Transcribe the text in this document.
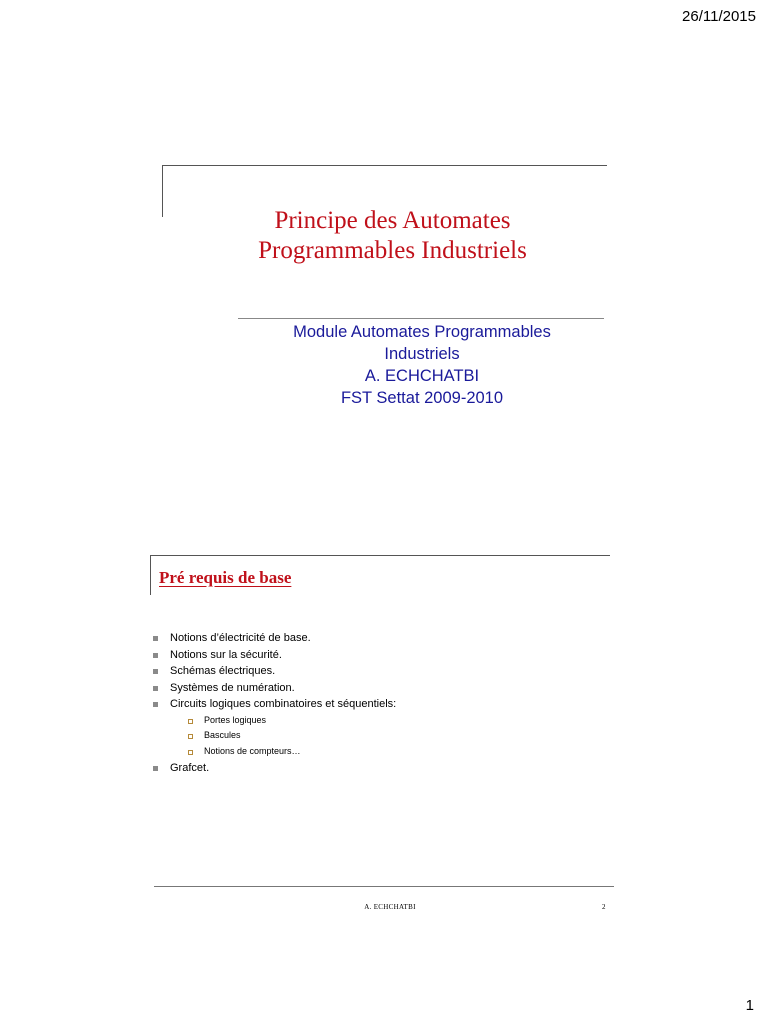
26/11/2015
Principe des Automates
Programmables Industriels
Module Automates Programmables
Industriels
A. ECHCHATBI
FST Settat 2009-2010
Pré requis de base
Notions d’électricité de base.
Notions sur la sécurité.
Schémas électriques.
Systèmes de numération.
Circuits logiques combinatoires et séquentiels:
Portes logiques
Bascules
Notions de compteurs…
Grafcet.
A. ECHCHATBI	2
1
